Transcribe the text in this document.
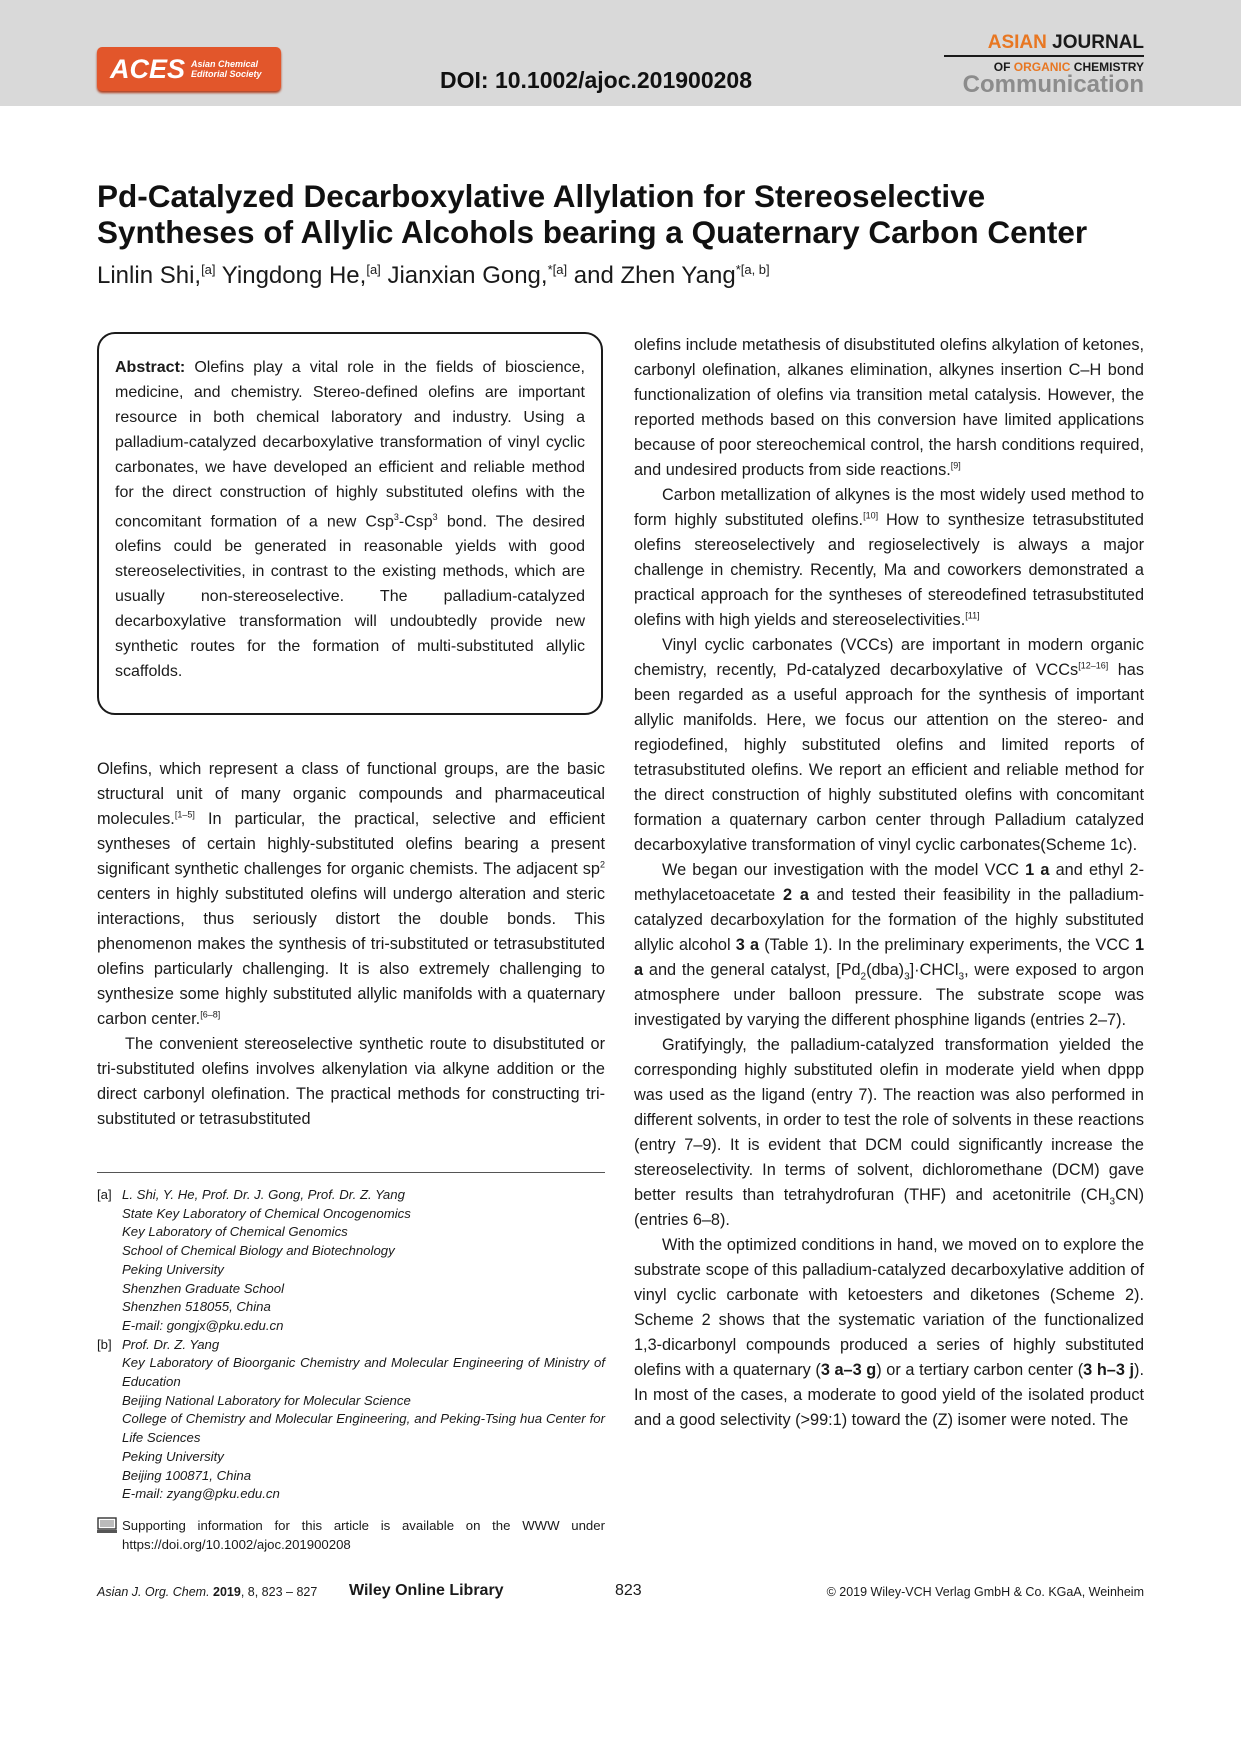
ACES Asian Chemical
Editorial Society	DOI: 10.1002/ajoc.201900208
ASIAN JOURNAL
OF ORGANIC CHEMISTRY
Communication
Pd-Catalyzed Decarboxylative Allylation for Stereoselective
Syntheses of Allylic Alcohols bearing a Quaternary Carbon Center
Linlin Shi,[a] Yingdong He,[a] Jianxian Gong,$^{*[a]}$ and Zhen Yang$^{*[a, b]}$

Abstract: Olefins play a vital role in the fields of bioscience, medicine, and chemistry. Stereo-defined olefins are important resource in both chemical laboratory and industry. Using a palladium-catalyzed decarboxylative transformation of vinyl cyclic carbonates, we have developed an efficient and reliable method for the direct construction of highly substituted olefins with the concomitant formation of a new Csp$^3$-Csp$^3$ bond. The desired olefins could be generated in reasonable yields with good stereoselectivities, in contrast to the existing methods, which are usually non-stereoselective. The palladium-catalyzed decarboxylative transformation will undoubtedly provide new synthetic routes for the formation of multi-substituted allylic scaffolds.

Olefins, which represent a class of functional groups, are the basic structural unit of many organic compounds and pharmaceutical molecules.[1–5] In particular, the practical, selective and efficient syntheses of certain highly-substituted olefins bearing a present significant synthetic challenges for organic chemists. The adjacent $sp^2$ centers in highly substituted olefins will undergo alteration and steric interactions, thus seriously distort the double bonds. This phenomenon makes the synthesis of tri-substituted or tetrasubstituted olefins particularly challenging. It is also extremely challenging to synthesize some highly substituted allylic manifolds with a quaternary carbon center.[6–8]

The convenient stereoselective synthetic route to disubstituted or tri-substituted olefins involves alkenylation via alkyne addition or the direct carbonyl olefination. The practical methods for constructing tri-substituted or tetrasubstituted

olefins include metathesis of disubstituted olefins alkylation of ketones, carbonyl olefination, alkanes elimination, alkynes insertion C–H bond functionalization of olefins via transition metal catalysis. However, the reported methods based on this conversion have limited applications because of poor stereochemical control, the harsh conditions required, and undesired products from side reactions.[9]

Carbon metallization of alkynes is the most widely used method to form highly substituted olefins.[10] How to synthesize tetrasubstituted olefins stereoselectively and regioselectively is always a major challenge in chemistry. Recently, Ma and coworkers demonstrated a practical approach for the syntheses of stereodefined tetrasubstituted olefins with high yields and stereoselectivities.[11]

Vinyl cyclic carbonates (VCCs) are important in modern organic chemistry, recently, Pd-catalyzed decarboxylative of VCCs[12–16] has been regarded as a useful approach for the synthesis of important allylic manifolds. Here, we focus our attention on the stereo- and regiodefined, highly substituted olefins and limited reports of tetrasubstituted olefins. We report an efficient and reliable method for the direct construction of highly substituted olefins with concomitant formation a quaternary carbon center through Palladium catalyzed decarboxylative transformation of vinyl cyclic carbonates(Scheme 1c).

We began our investigation with the model VCC 1 a and ethyl 2-methylacetoacetate 2 a and tested their feasibility in the palladium-catalyzed decarboxylation for the formation of the highly substituted allylic alcohol 3 a (Table 1). In the preliminary experiments, the VCC 1 a and the general catalyst, $[Pd_2(dba)_3]\cdot CHCl_3$, were exposed to argon atmosphere under balloon pressure. The substrate scope was investigated by varying the different phosphine ligands (entries 2–7).

Gratifyingly, the palladium-catalyzed transformation yielded the corresponding highly substituted olefin in moderate yield when dppp was used as the ligand (entry 7). The reaction was also performed in different solvents, in order to test the role of solvents in these reactions (entry 7–9). It is evident that DCM could significantly increase the stereoselectivity. In terms of solvent, dichloromethane (DCM) gave better results than tetrahydrofuran (THF) and acetonitrile $(CH_3CN)$ (entries 6–8).

With the optimized conditions in hand, we moved on to explore the substrate scope of this palladium-catalyzed decarboxylative addition of vinyl cyclic carbonate with ketoesters and diketones (Scheme 2). Scheme 2 shows that the systematic variation of the functionalized 1,3-dicarbonyl compounds produced a series of highly substituted olefins with a quaternary (3 a–3 g) or a tertiary carbon center (3 h–3 j). In most of the cases, a moderate to good yield of the isolated product and a good selectivity (>99:1) toward the (Z) isomer were noted. The

[a] L. Shi, Y. He, Prof. Dr. J. Gong, Prof. Dr. Z. Yang
State Key Laboratory of Chemical Oncogenomics
Key Laboratory of Chemical Genomics
School of Chemical Biology and Biotechnology
Peking University
Shenzhen Graduate School
Shenzhen 518055, China
E-mail: gongjx@pku.edu.cn
[b] Prof. Dr. Z. Yang
Key Laboratory of Bioorganic Chemistry and Molecular Engineering of Ministry of Education
Beijing National Laboratory for Molecular Science
College of Chemistry and Molecular Engineering, and Peking-Tsing hua Center for Life Sciences
Peking University
Beijing 100871, China
E-mail: zyang@pku.edu.cn
Supporting information for this article is available on the WWW under https://doi.org/10.1002/ajoc.201900208
Asian J. Org. Chem. 2019, 8, 823 – 827 Wiley Online Library	823	© 2019 Wiley-VCH Verlag GmbH & Co. KGaA, Weinheim
